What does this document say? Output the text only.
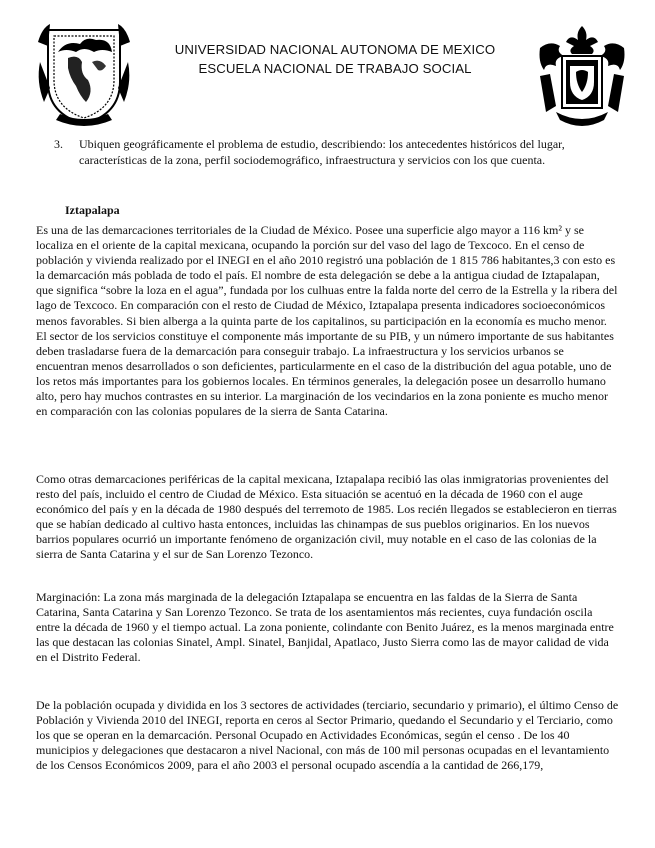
UNIVERSIDAD NACIONAL AUTONOMA DE MEXICO
ESCUELA NACIONAL DE TRABAJO SOCIAL
3. Ubiquen geográficamente el problema de estudio, describiendo: los antecedentes históricos del lugar, características de la zona, perfil sociodemográfico, infraestructura y servicios con los que cuenta.
Iztapalapa

Es una de las demarcaciones territoriales de la Ciudad de México. Posee una superficie algo mayor a 116 km² y se localiza en el oriente de la capital mexicana, ocupando la porción sur del vaso del lago de Texcoco. En el censo de población y vivienda realizado por el INEGI en el año 2010 registró una población de 1 815 786 habitantes,3 con esto es la demarcación más poblada de todo el país. El nombre de esta delegación se debe a la antigua ciudad de Iztapalapan, que significa “sobre la loza en el agua”, fundada por los culhuas entre la falda norte del cerro de la Estrella y la ribera del lago de Texcoco. En comparación con el resto de Ciudad de México, Iztapalapa presenta indicadores socioeconómicos menos favorables. Si bien alberga a la quinta parte de los capitalinos, su participación en la economía es mucho menor. El sector de los servicios constituye el componente más importante de su PIB, y un número importante de sus habitantes deben trasladarse fuera de la demarcación para conseguir trabajo. La infraestructura y los servicios urbanos se encuentran menos desarrollados o son deficientes, particularmente en el caso de la distribución del agua potable, uno de los retos más importantes para los gobiernos locales. En términos generales, la delegación posee un desarrollo humano alto, pero hay muchos contrastes en su interior. La marginación de los vecindarios en la zona poniente es mucho menor en comparación con las colonias populares de la sierra de Santa Catarina.

Como otras demarcaciones periféricas de la capital mexicana, Iztapalapa recibió las olas inmigratorias provenientes del resto del país, incluido el centro de Ciudad de México. Esta situación se acentuó en la década de 1960 con el auge económico del país y en la década de 1980 después del terremoto de 1985. Los recién llegados se establecieron en tierras que se habían dedicado al cultivo hasta entonces, incluidas las chinampas de sus pueblos originarios. En los nuevos barrios populares ocurrió un importante fenómeno de organización civil, muy notable en el caso de las colonias de la sierra de Santa Catarina y el sur de San Lorenzo Tezonco.

Marginación: La zona más marginada de la delegación Iztapalapa se encuentra en las faldas de la Sierra de Santa Catarina, Santa Catarina y San Lorenzo Tezonco. Se trata de los asentamientos más recientes, cuya fundación oscila entre la década de 1960 y el tiempo actual. La zona poniente, colindante con Benito Juárez, es la menos marginada entre las que destacan las colonias Sinatel, Ampl. Sinatel, Banjidal, Apatlaco, Justo Sierra como las de mayor calidad de vida en el Distrito Federal.

De la población ocupada y dividida en los 3 sectores de actividades (terciario, secundario y primario), el último Censo de Población y Vivienda 2010 del INEGI, reporta en ceros al Sector Primario, quedando el Secundario y el Terciario, como los que se operan en la demarcación. Personal Ocupado en Actividades Económicas, según el censo . De los 40 municipios y delegaciones que destacaron a nivel Nacional, con más de 100 mil personas ocupadas en el levantamiento de los Censos Económicos 2009, para el año 2003 el personal ocupado ascendía a la cantidad de 266,179,
